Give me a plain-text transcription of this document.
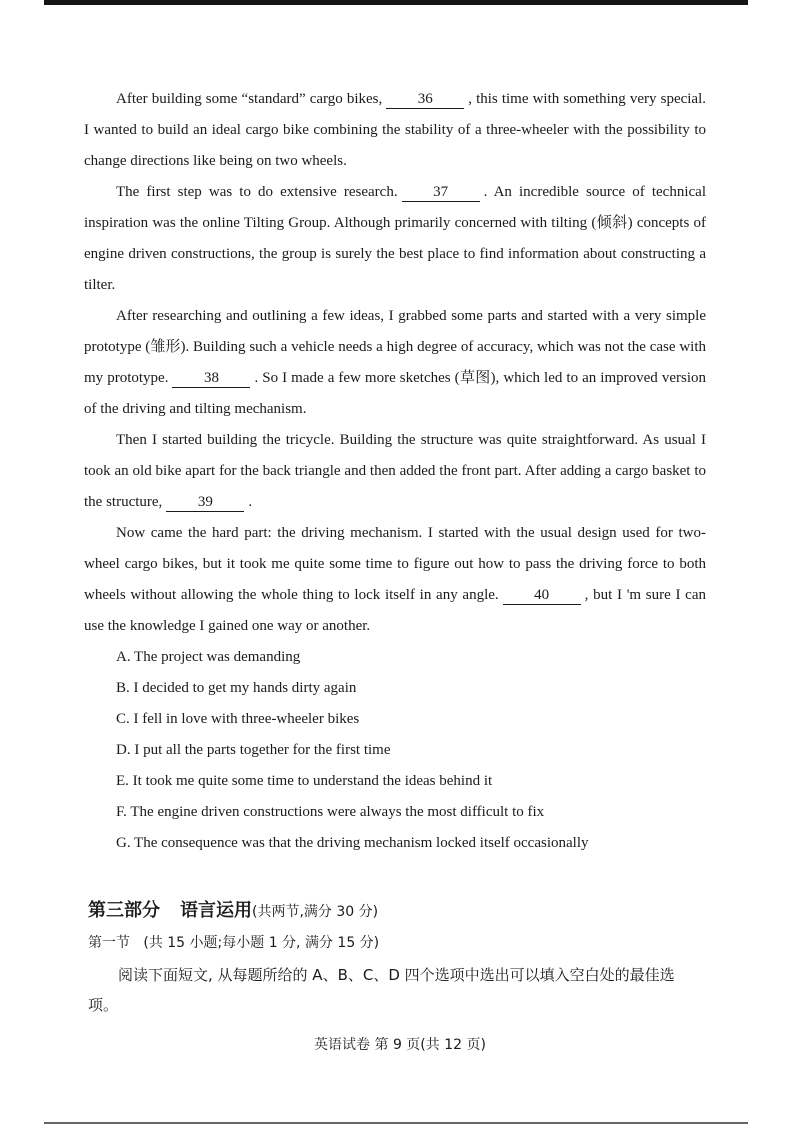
After building some “standard” cargo bikes, 36 , this time with something very special. I wanted to build an ideal cargo bike combining the stability of a three-wheeler with the possibility to change directions like being on two wheels.

The first step was to do extensive research. 37 . An incredible source of technical inspiration was the online Tilting Group. Although primarily concerned with tilting (倾斜) concepts of engine driven constructions, the group is surely the best place to find information about constructing a tilter.

After researching and outlining a few ideas, I grabbed some parts and started with a very simple prototype (雏形). Building such a vehicle needs a high degree of accuracy, which was not the case with my prototype. 38 . So I made a few more sketches (草图), which led to an improved version of the driving and tilting mechanism.

Then I started building the tricycle. Building the structure was quite straightforward. As usual I took an old bike apart for the back triangle and then added the front part. After adding a cargo basket to the structure, 39 .

Now came the hard part: the driving mechanism. I started with the usual design used for two-wheel cargo bikes, but it took me quite some time to figure out how to pass the driving force to both wheels without allowing the whole thing to lock itself in any angle. 40 , but I 'm sure I can use the knowledge I gained one way or another.

A. The project was demanding
B. I decided to get my hands dirty again
C. I fell in love with three-wheeler bikes
D. I put all the parts together for the first time
E. It took me quite some time to understand the ideas behind it
F. The engine driven constructions were always the most difficult to fix
G. The consequence was that the driving mechanism locked itself occasionally
第三部分 语言运用(共两节,满分 30 分)
第一节 (共 15 小题;每小题 1 分, 满分 15 分)

阅读下面短文, 从每题所给的 A、B、C、D 四个选项中选出可以填入空白处的最佳选项。

英语试卷 第 9 页(共 12 页)
